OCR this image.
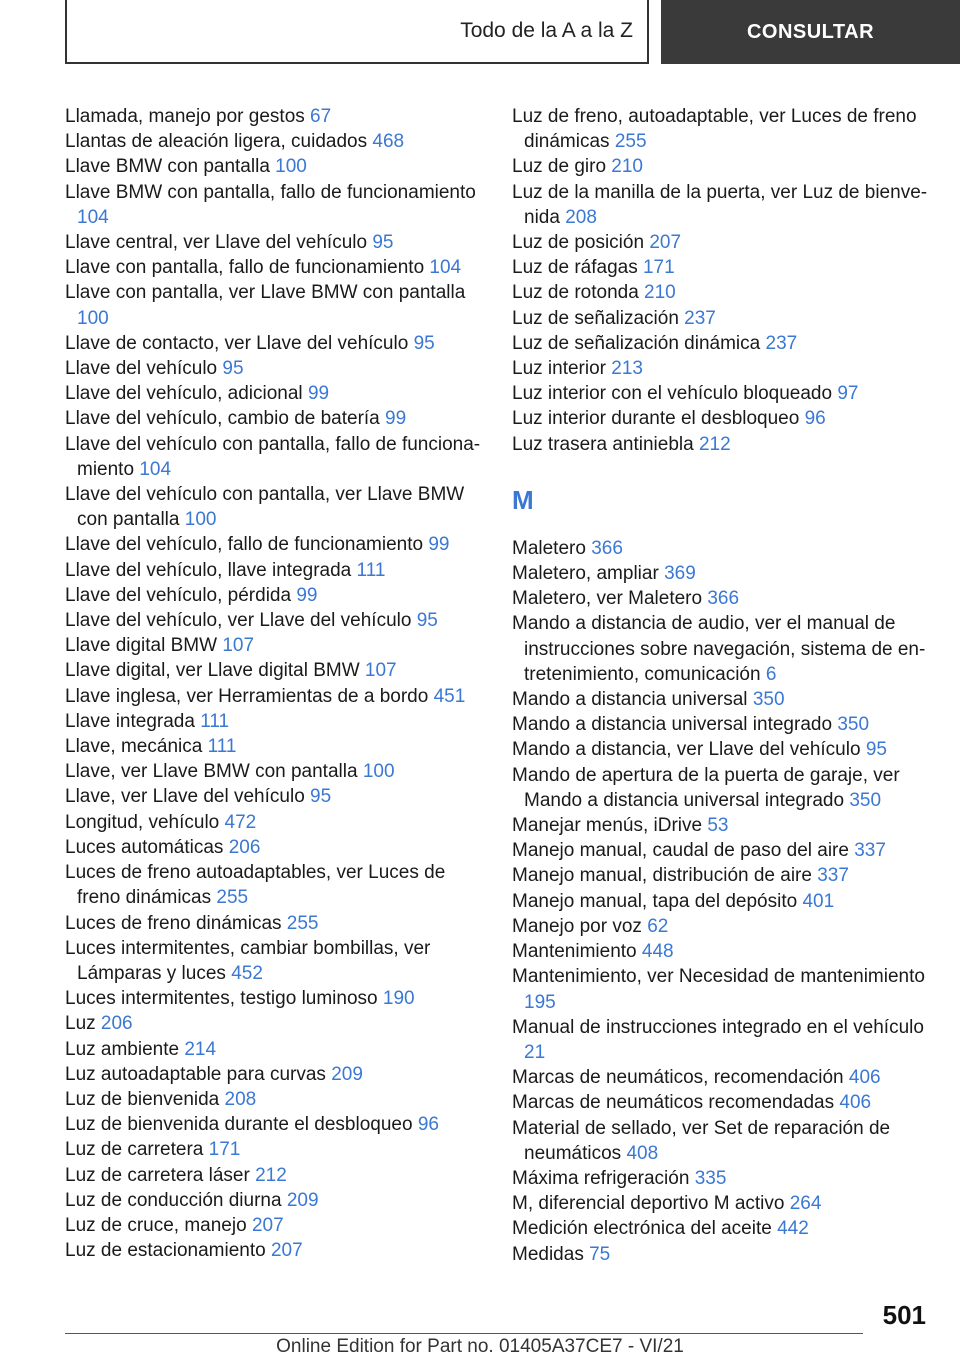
Todo de la A a la Z	CONSULTAR
Llamada, manejo por gestos 67
Llantas de aleación ligera, cuidados 468
Llave BMW con pantalla 100
Llave BMW con pantalla, fallo de funcionamiento 104
Llave central, ver Llave del vehículo 95
Llave con pantalla, fallo de funcionamiento 104
Llave con pantalla, ver Llave BMW con pantalla 100
Llave de contacto, ver Llave del vehículo 95
Llave del vehículo 95
Llave del vehículo, adicional 99
Llave del vehículo, cambio de batería 99
Llave del vehículo con pantalla, fallo de funcionamiento 104
Llave del vehículo con pantalla, ver Llave BMW con pantalla 100
Llave del vehículo, fallo de funcionamiento 99
Llave del vehículo, llave integrada 111
Llave del vehículo, pérdida 99
Llave del vehículo, ver Llave del vehículo 95
Llave digital BMW 107
Llave digital, ver Llave digital BMW 107
Llave inglesa, ver Herramientas de a bordo 451
Llave integrada 111
Llave, mecánica 111
Llave, ver Llave BMW con pantalla 100
Llave, ver Llave del vehículo 95
Longitud, vehículo 472
Luces automáticas 206
Luces de freno autoadaptables, ver Luces de freno dinámicas 255
Luces de freno dinámicas 255
Luces intermitentes, cambiar bombillas, ver Lámparas y luces 452
Luces intermitentes, testigo luminoso 190
Luz 206
Luz ambiente 214
Luz autoadaptable para curvas 209
Luz de bienvenida 208
Luz de bienvenida durante el desbloqueo 96
Luz de carretera 171
Luz de carretera láser 212
Luz de conducción diurna 209
Luz de cruce, manejo 207
Luz de estacionamiento 207
Luz de freno, autoadaptable, ver Luces de freno dinámicas 255
Luz de giro 210
Luz de la manilla de la puerta, ver Luz de bienvenida 208
Luz de posición 207
Luz de ráfagas 171
Luz de rotonda 210
Luz de señalización 237
Luz de señalización dinámica 237
Luz interior 213
Luz interior con el vehículo bloqueado 97
Luz interior durante el desbloqueo 96
Luz trasera antiniebla 212
M
Maletero 366
Maletero, ampliar 369
Maletero, ver Maletero 366
Mando a distancia de audio, ver el manual de instrucciones sobre navegación, sistema de entretenimiento, comunicación 6
Mando a distancia universal 350
Mando a distancia universal integrado 350
Mando a distancia, ver Llave del vehículo 95
Mando de apertura de la puerta de garaje, ver Mando a distancia universal integrado 350
Manejar menús, iDrive 53
Manejo manual, caudal de paso del aire 337
Manejo manual, distribución de aire 337
Manejo manual, tapa del depósito 401
Manejo por voz 62
Mantenimiento 448
Mantenimiento, ver Necesidad de mantenimiento 195
Manual de instrucciones integrado en el vehículo 21
Marcas de neumáticos, recomendación 406
Marcas de neumáticos recomendadas 406
Material de sellado, ver Set de reparación de neumáticos 408
Máxima refrigeración 335
M, diferencial deportivo M activo 264
Medición electrónica del aceite 442
Medidas 75
501
Online Edition for Part no. 01405A37CE7 - VI/21
